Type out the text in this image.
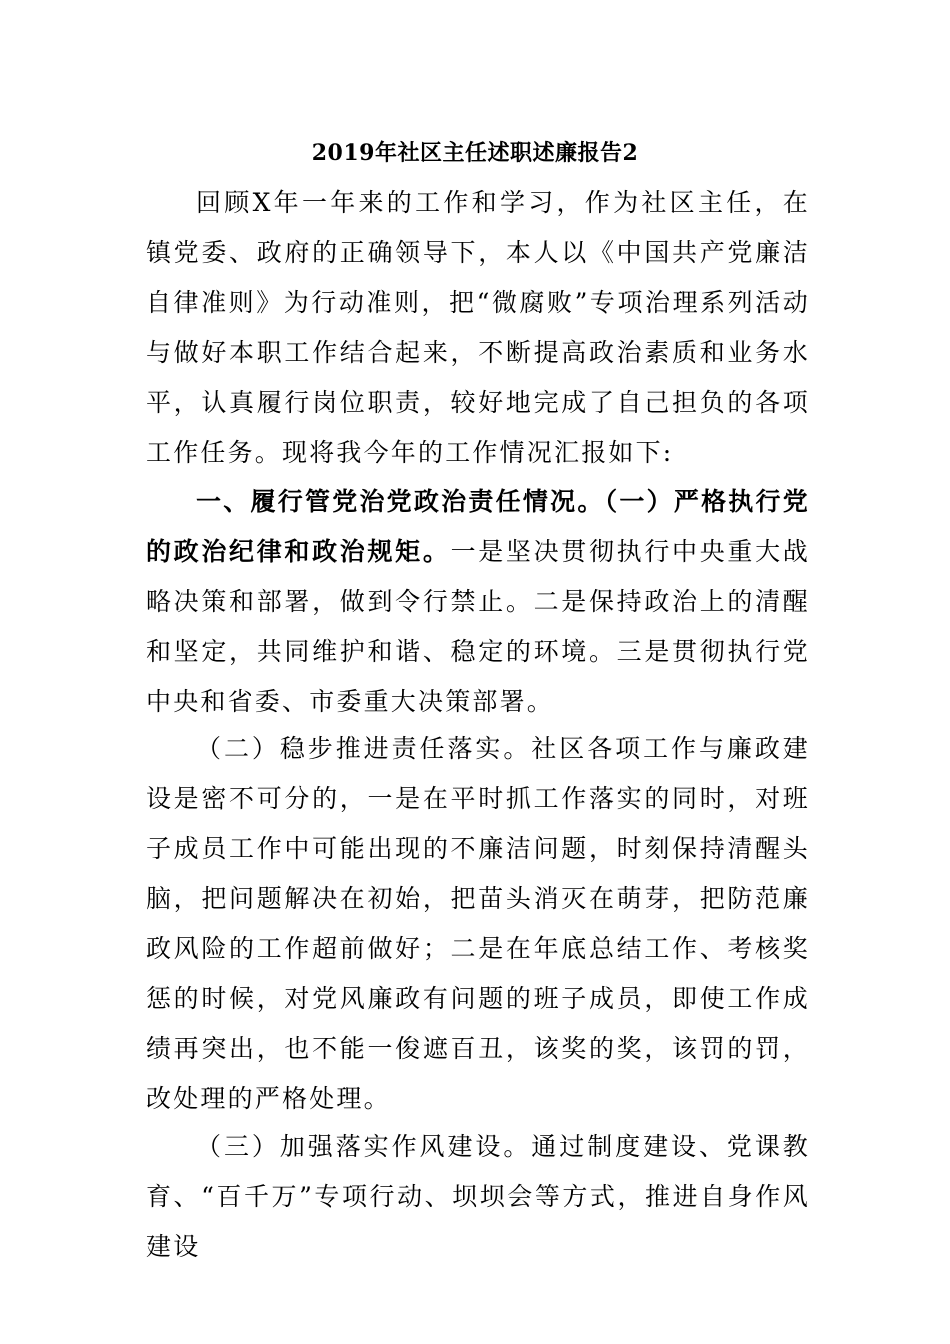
2019年社区主任述职述廉报告2

回顾X年一年来的工作和学习，作为社区主任，在镇党委、政府的正确领导下，本人以《中国共产党廉洁自律准则》为行动准则，把“微腐败”专项治理系列活动与做好本职工作结合起来，不断提高政治素质和业务水平，认真履行岗位职责，较好地完成了自己担负的各项工作任务。现将我今年的工作情况汇报如下:

一、履行管党治党政治责任情况。（一）严格执行党的政治纪律和政治规矩。一是坚决贯彻执行中央重大战略决策和部署，做到令行禁止。二是保持政治上的清醒和坚定，共同维护和谐、稳定的环境。三是贯彻执行党中央和省委、市委重大决策部署。

（二）稳步推进责任落实。社区各项工作与廉政建设是密不可分的，一是在平时抓工作落实的同时，对班子成员工作中可能出现的不廉洁问题，时刻保持清醒头脑，把问题解决在初始，把苗头消灭在萌芽，把防范廉政风险的工作超前做好；二是在年底总结工作、考核奖惩的时候，对党风廉政有问题的班子成员，即使工作成绩再突出，也不能一俊遮百丑，该奖的奖，该罚的罚，改处理的严格处理。

（三）加强落实作风建设。通过制度建设、党课教育、“百千万”专项行动、坝坝会等方式，推进自身作风建设
